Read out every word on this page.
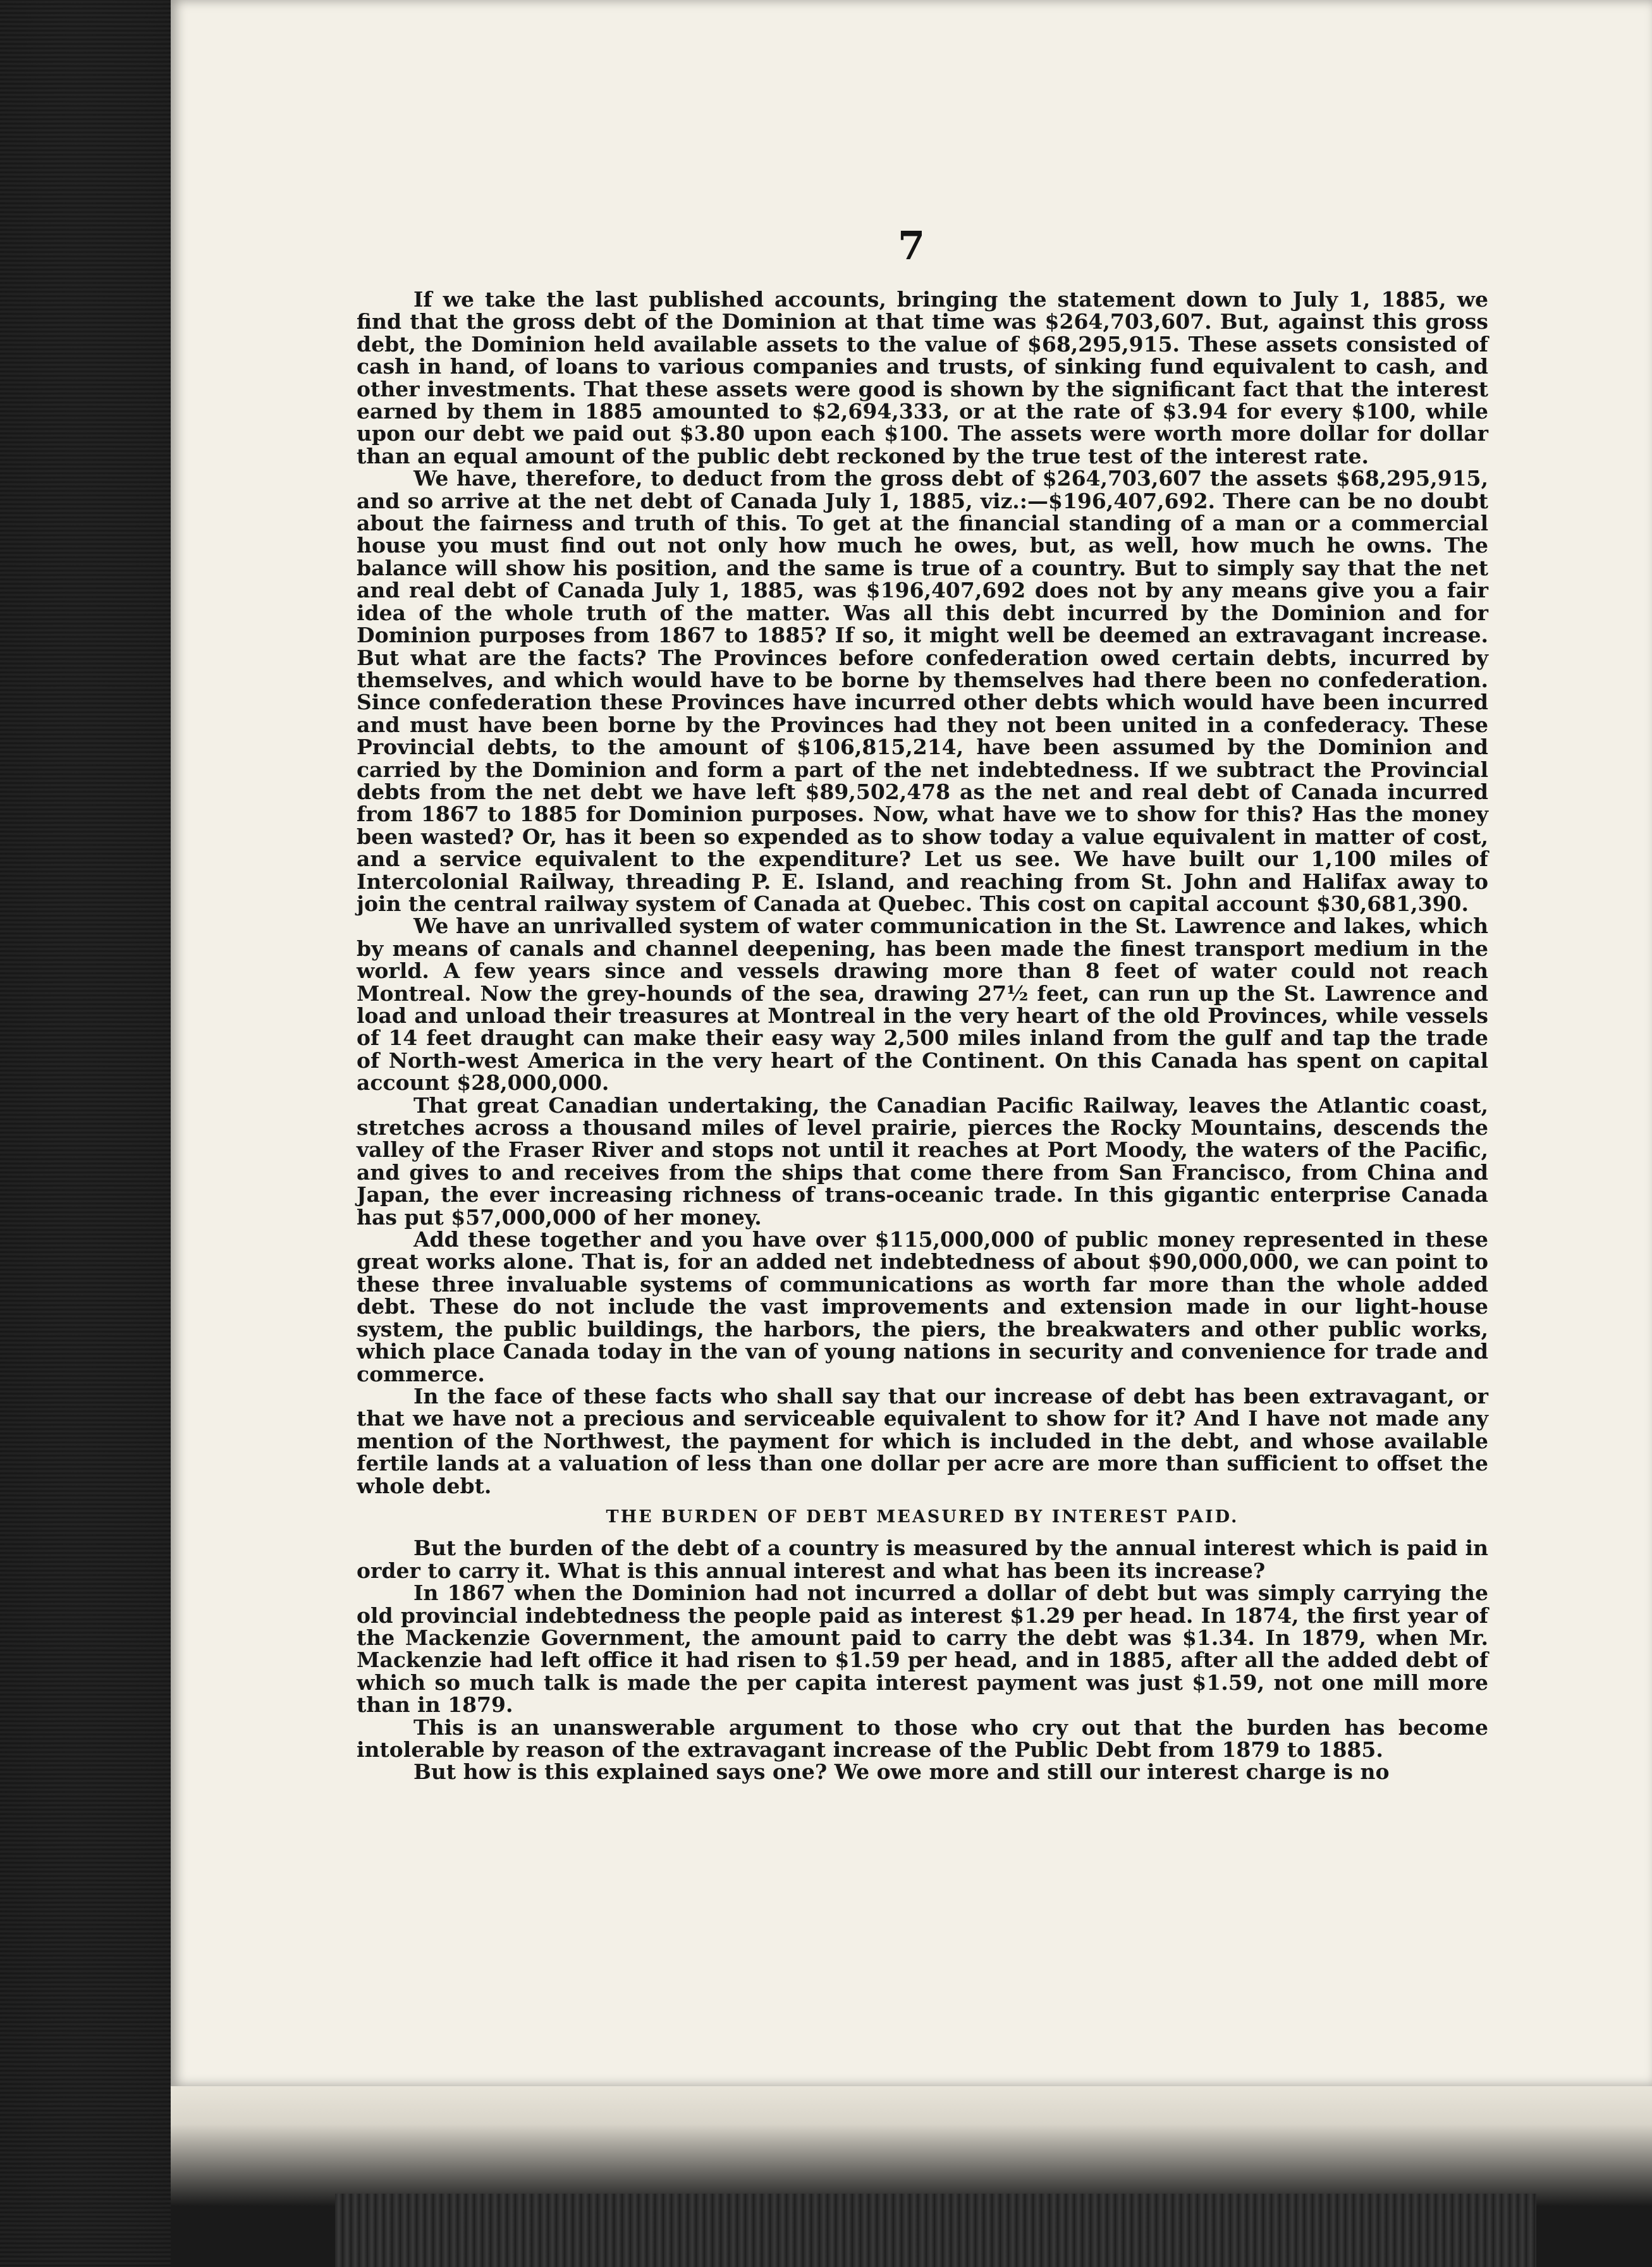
7

If we take the last published accounts, bringing the statement down to July 1, 1885, we find that the gross debt of the Dominion at that time was $264,703,607. But, against this gross debt, the Dominion held available assets to the value of $68,295,915. These assets consisted of cash in hand, of loans to various companies and trusts, of sinking fund equivalent to cash, and other investments. That these assets were good is shown by the significant fact that the interest earned by them in 1885 amounted to $2,694,333, or at the rate of $3.94 for every $100, while upon our debt we paid out $3.80 upon each $100. The assets were worth more dollar for dollar than an equal amount of the public debt reckoned by the true test of the interest rate.

We have, therefore, to deduct from the gross debt of $264,703,607 the assets $68,295,915, and so arrive at the net debt of Canada July 1, 1885, viz.:—$196,407,692. There can be no doubt about the fairness and truth of this. To get at the financial standing of a man or a commercial house you must find out not only how much he owes, but, as well, how much he owns. The balance will show his position, and the same is true of a country. But to simply say that the net and real debt of Canada July 1, 1885, was $196,407,692 does not by any means give you a fair idea of the whole truth of the matter. Was all this debt incurred by the Dominion and for Dominion purposes from 1867 to 1885? If so, it might well be deemed an extravagant increase. But what are the facts? The Provinces before confederation owed certain debts, incurred by themselves, and which would have to be borne by themselves had there been no confederation. Since confederation these Provinces have incurred other debts which would have been incurred and must have been borne by the Provinces had they not been united in a confederacy. These Provincial debts, to the amount of $106,815,214, have been assumed by the Dominion and carried by the Dominion and form a part of the net indebtedness. If we subtract the Provincial debts from the net debt we have left $89,502,478 as the net and real debt of Canada incurred from 1867 to 1885 for Dominion purposes. Now, what have we to show for this? Has the money been wasted? Or, has it been so expended as to show today a value equivalent in matter of cost, and a service equivalent to the expenditure? Let us see. We have built our 1,100 miles of Intercolonial Railway, threading P. E. Island, and reaching from St. John and Halifax away to join the central railway system of Canada at Quebec. This cost on capital account $30,681,390.

We have an unrivalled system of water communication in the St. Lawrence and lakes, which by means of canals and channel deepening, has been made the finest transport medium in the world. A few years since and vessels drawing more than 8 feet of water could not reach Montreal. Now the grey-hounds of the sea, drawing 27½ feet, can run up the St. Lawrence and load and unload their treasures at Montreal in the very heart of the old Provinces, while vessels of 14 feet draught can make their easy way 2,500 miles inland from the gulf and tap the trade of North-west America in the very heart of the Continent. On this Canada has spent on capital account $28,000,000.

That great Canadian undertaking, the Canadian Pacific Railway, leaves the Atlantic coast, stretches across a thousand miles of level prairie, pierces the Rocky Mountains, descends the valley of the Fraser River and stops not until it reaches at Port Moody, the waters of the Pacific, and gives to and receives from the ships that come there from San Francisco, from China and Japan, the ever increasing richness of trans-oceanic trade. In this gigantic enterprise Canada has put $57,000,000 of her money.

Add these together and you have over $115,000,000 of public money represented in these great works alone. That is, for an added net indebtedness of about $90,000,000, we can point to these three invaluable systems of communications as worth far more than the whole added debt. These do not include the vast improvements and extension made in our light-house system, the public buildings, the harbors, the piers, the breakwaters and other public works, which place Canada today in the van of young nations in security and convenience for trade and commerce.

In the face of these facts who shall say that our increase of debt has been extravagant, or that we have not a precious and serviceable equivalent to show for it? And I have not made any mention of the Northwest, the payment for which is included in the debt, and whose available fertile lands at a valuation of less than one dollar per acre are more than sufficient to offset the whole debt.

THE BURDEN OF DEBT MEASURED BY INTEREST PAID.

But the burden of the debt of a country is measured by the annual interest which is paid in order to carry it. What is this annual interest and what has been its increase?

In 1867 when the Dominion had not incurred a dollar of debt but was simply carrying the old provincial indebtedness the people paid as interest $1.29 per head. In 1874, the first year of the Mackenzie Government, the amount paid to carry the debt was $1.34. In 1879, when Mr. Mackenzie had left office it had risen to $1.59 per head, and in 1885, after all the added debt of which so much talk is made the per capita interest payment was just $1.59, not one mill more than in 1879.

This is an unanswerable argument to those who cry out that the burden has become intolerable by reason of the extravagant increase of the Public Debt from 1879 to 1885.

But how is this explained says one? We owe more and still our interest charge is no
